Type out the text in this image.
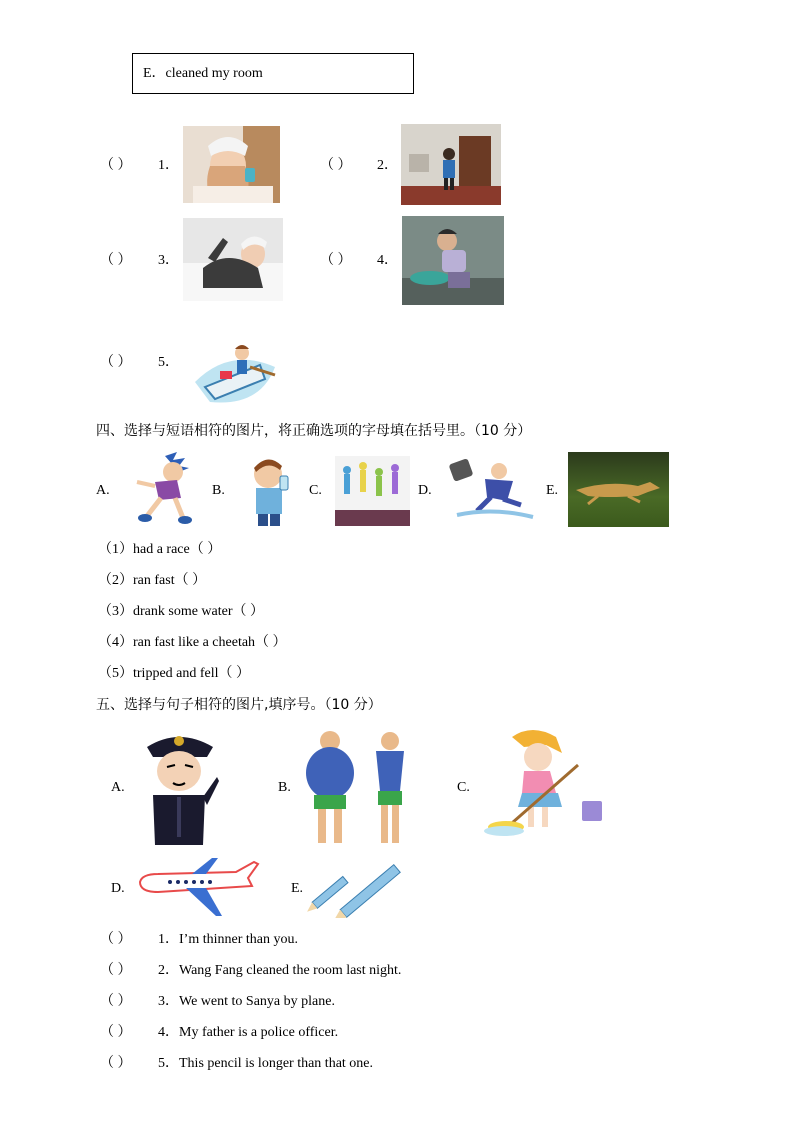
E．cleaned my room
（ ） 1．	（ ） 2．
（ ） 3．	（ ） 4．
（ ） 5．
四、选择与短语相符的图片，将正确选项的字母填在括号里。（10 分）
A.	B.	C.	D.	E.
（1）had a race（ ）
（2）ran fast（ ）
（3）drank some water（ ）
（4）ran fast like a cheetah（ ）
（5）tripped and fell（ ）
五、选择与句子相符的图片,填序号。（10 分）
A.	B.	C.
D.	E.
（ ） 1．I’m thinner than you.
（ ） 2．Wang Fang cleaned the room last night.
（ ） 3．We went to Sanya by plane.
（ ） 4．My father is a police officer.
（ ） 5．This pencil is longer than that one.
